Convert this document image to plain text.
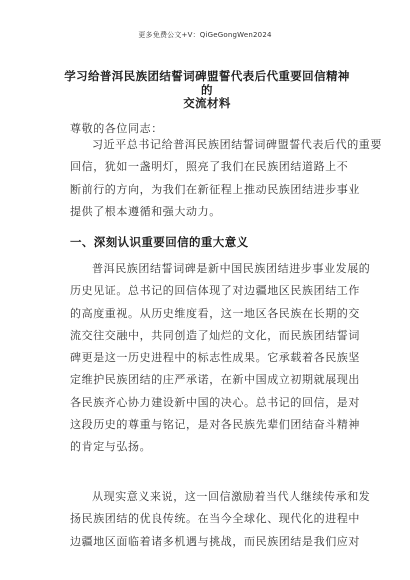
更多免费公文+V：QiGeGongWen2024
学习给普洱民族团结誓词碑盟誓代表后代重要回信精神的
交流材料
尊敬的各位同志：
习近平总书记给普洱民族团结誓词碑盟誓代表后代的重要
回信，犹如一盏明灯，照亮了我们在民族团结道路上不
断前行的方向，为我们在新征程上推动民族团结进步事业
提供了根本遵循和强大动力。
一、深刻认识重要回信的重大意义
普洱民族团结誓词碑是新中国民族团结进步事业发展的
历史见证。总书记的回信体现了对边疆地区民族团结工作
的高度重视。从历史维度看，这一地区各民族在长期的交
流交往交融中，共同创造了灿烂的文化，而民族团结誓词
碑更是这一历史进程中的标志性成果。它承载着各民族坚
定维护民族团结的庄严承诺，在新中国成立初期就展现出
各民族齐心协力建设新中国的决心。总书记的回信，是对
这段历史的尊重与铭记，是对各民族先辈们团结奋斗精神
的肯定与弘扬。
从现实意义来说，这一回信激励着当代人继续传承和发
扬民族团结的优良传统。在当今全球化、现代化的进程中
边疆地区面临着诸多机遇与挑战，而民族团结是我们应对
